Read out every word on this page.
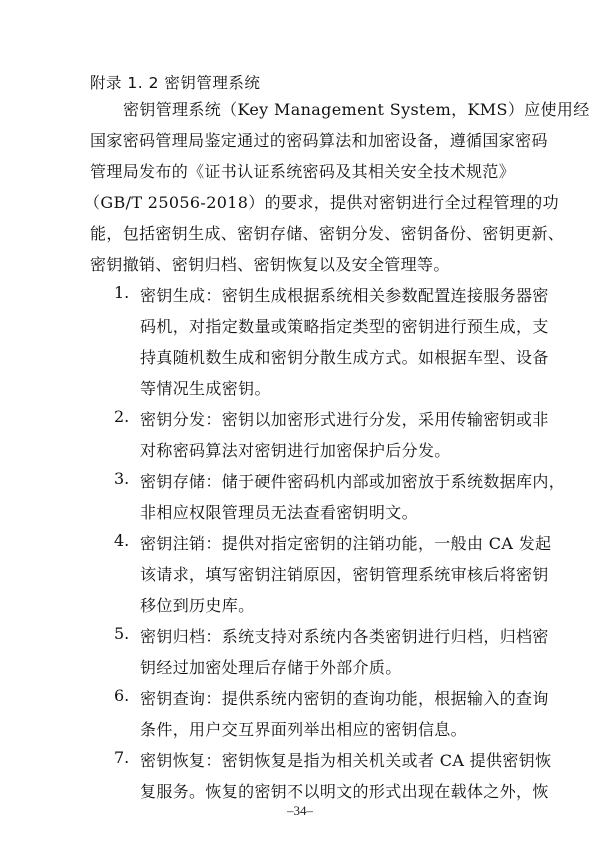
附录 1. 2 密钥管理系统
密钥管理系统（Key Management System，KMS）应使用经
国家密码管理局鉴定通过的密码算法和加密设备，遵循国家密码
管理局发布的《证书认证系统密码及其相关安全技术规范》
（GB/T 25056-2018）的要求，提供对密钥进行全过程管理的功
能，包括密钥生成、密钥存储、密钥分发、密钥备份、密钥更新、
密钥撤销、密钥归档、密钥恢复以及安全管理等。
1. 密钥生成：密钥生成根据系统相关参数配置连接服务器密
码机，对指定数量或策略指定类型的密钥进行预生成，支
持真随机数生成和密钥分散生成方式。如根据车型、设备
等情况生成密钥。
2. 密钥分发：密钥以加密形式进行分发，采用传输密钥或非
对称密码算法对密钥进行加密保护后分发。
3. 密钥存储：储于硬件密码机内部或加密放于系统数据库内，
非相应权限管理员无法查看密钥明文。
4. 密钥注销：提供对指定密钥的注销功能，一般由 CA 发起
该请求，填写密钥注销原因，密钥管理系统审核后将密钥
移位到历史库。
5. 密钥归档：系统支持对系统内各类密钥进行归档，归档密
钥经过加密处理后存储于外部介质。
6. 密钥查询：提供系统内密钥的查询功能，根据输入的查询
条件，用户交互界面列举出相应的密钥信息。
7. 密钥恢复：密钥恢复是指为相关机关或者 CA 提供密钥恢
复服务。恢复的密钥不以明文的形式出现在载体之外，恢
–34–
